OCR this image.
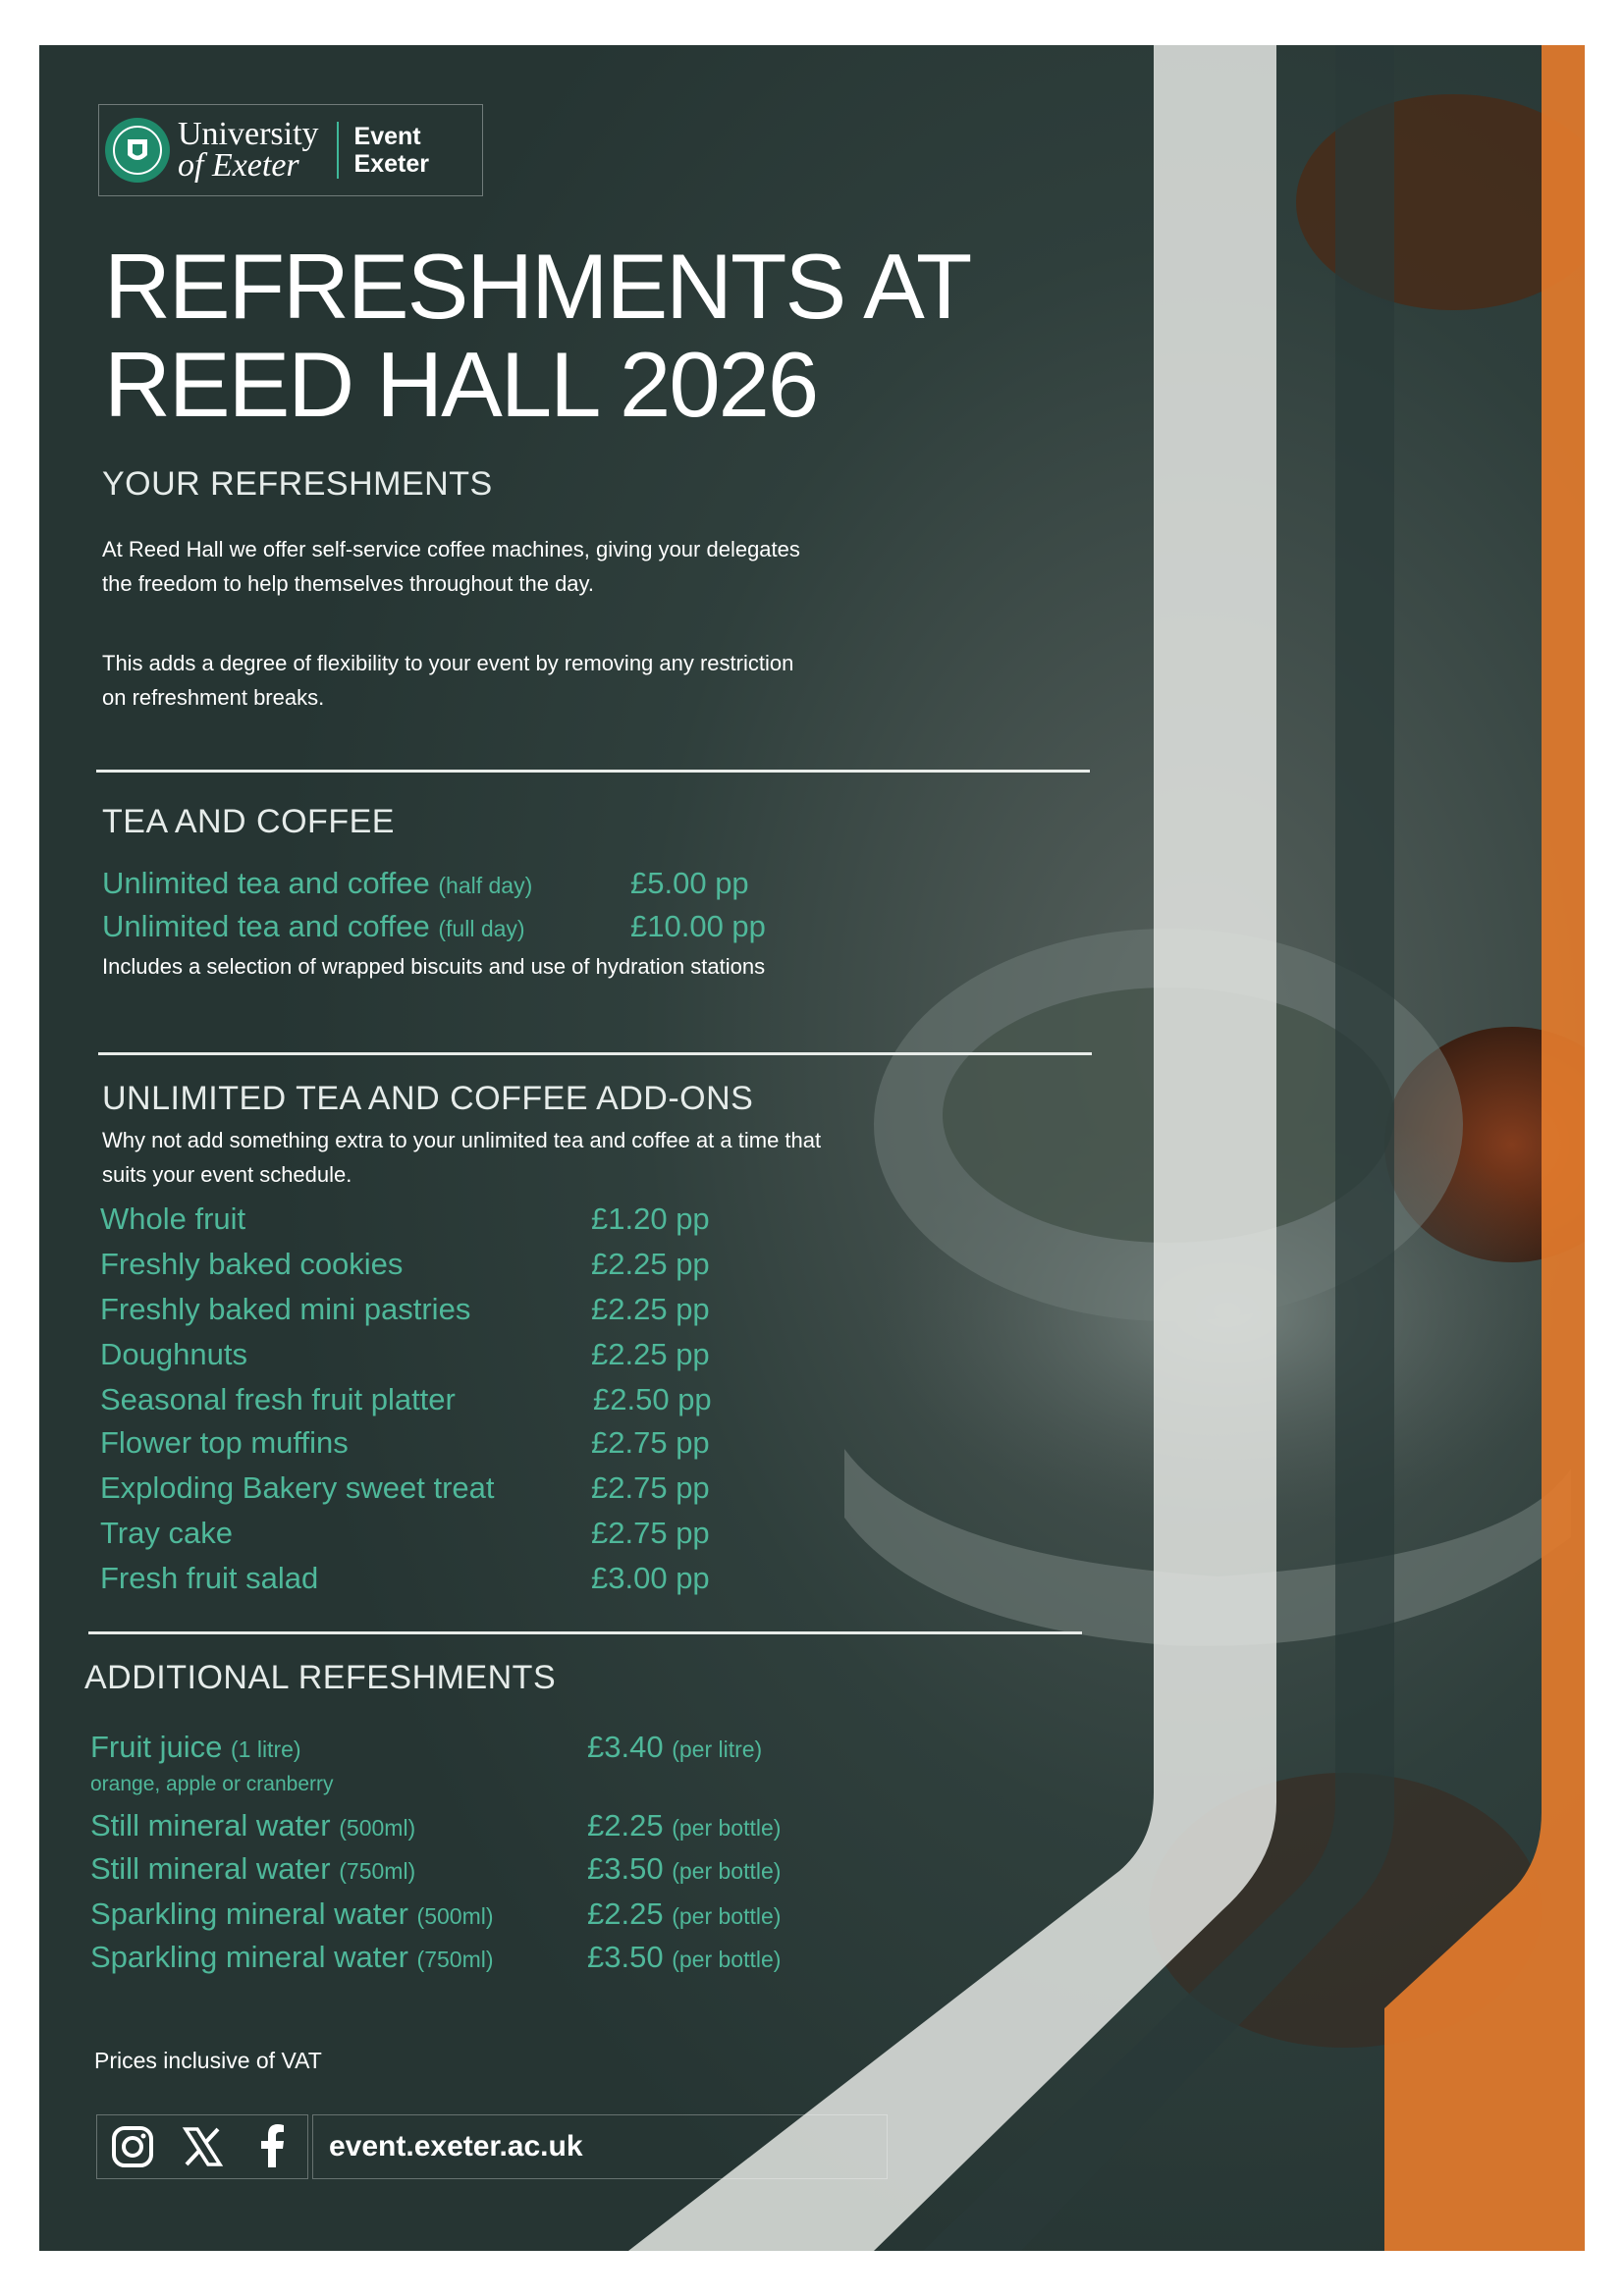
University
of Exeter
Event
Exeter
REFRESHMENTS AT
REED HALL 2026
YOUR REFRESHMENTS

At Reed Hall we offer self-service coffee machines, giving your delegates the freedom to help themselves throughout the day.

This adds a degree of flexibility to your event by removing any restriction on refreshment breaks.

TEA AND COFFEE
Unlimited tea and coffee (half day)	£5.00 pp
Unlimited tea and coffee (full day)	£10.00 pp
Includes a selection of wrapped biscuits and use of hydration stations
UNLIMITED TEA AND COFFEE ADD-ONS

Why not add something extra to your unlimited tea and coffee at a time that suits your event schedule.

Whole fruit	£1.20 pp
Freshly baked cookies	£2.25 pp
Freshly baked mini pastries	£2.25 pp
Doughnuts	£2.25 pp
Seasonal fresh fruit platter	£2.50 pp
Flower top muffins	£2.75 pp
Exploding Bakery sweet treat	£2.75 pp
Tray cake	£2.75 pp
Fresh fruit salad	£3.00 pp
ADDITIONAL REFESHMENTS
Fruit juice (1 litre)	£3.40 (per litre)
orange, apple or cranberry
Still mineral water (500ml)	£2.25 (per bottle)
Still mineral water (750ml)	£3.50 (per bottle)
Sparkling mineral water (500ml)	£2.25 (per bottle)
Sparkling mineral water (750ml)	£3.50 (per bottle)
Prices inclusive of VAT
event.exeter.ac.uk
